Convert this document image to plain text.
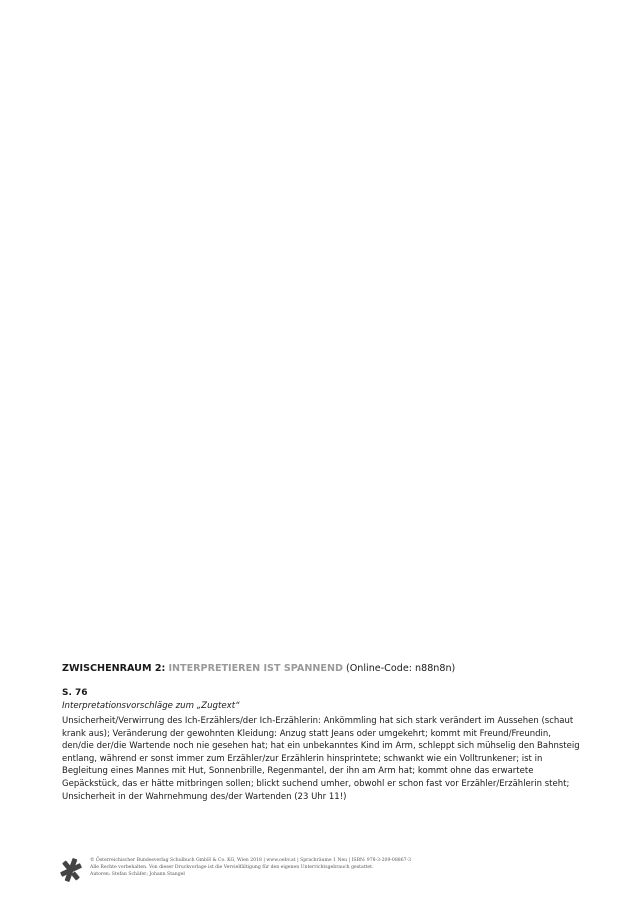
ZWISCHENRAUM 2: INTERPRETIEREN IST SPANNEND (Online-Code: n88n8n)
S. 76
Interpretationsvorschläge zum „Zugtext“

Unsicherheit/Verwirrung des Ich-Erzählers/der Ich-Erzählerin: Ankömmling hat sich stark verändert im Aussehen (schaut krank aus); Veränderung der gewohnten Kleidung: Anzug statt Jeans oder umgekehrt; kommt mit Freund/Freundin, den/die der/die Wartende noch nie gesehen hat; hat ein unbekanntes Kind im Arm, schleppt sich mühselig den Bahnsteig entlang, während er sonst immer zum Erzähler/zur Erzählerin hinsprintete; schwankt wie ein Volltrunkener; ist in Begleitung eines Mannes mit Hut, Sonnenbrille, Regenmantel, der ihn am Arm hat; kommt ohne das erwartete Gepäckstück, das er hätte mitbringen sollen; blickt suchend umher, obwohl er schon fast vor Erzähler/Erzählerin steht; Unsicherheit in der Wahrnehmung des/der Wartenden (23 Uhr 11!)

© Österreichischer Bundesverlag Schulbuch GmbH & Co. KG, Wien 2018 | www.oebv.at | Sprachräume 1 Neu | ISBN: 978-3-209-08867-3
Alle Rechte vorbehalten. Von dieser Druckvorlage ist die Vervielfältigung für den eigenen Unterrichtsgebrauch gestattet.
Autoren: Stefan Schäfer; Johann Stangel
